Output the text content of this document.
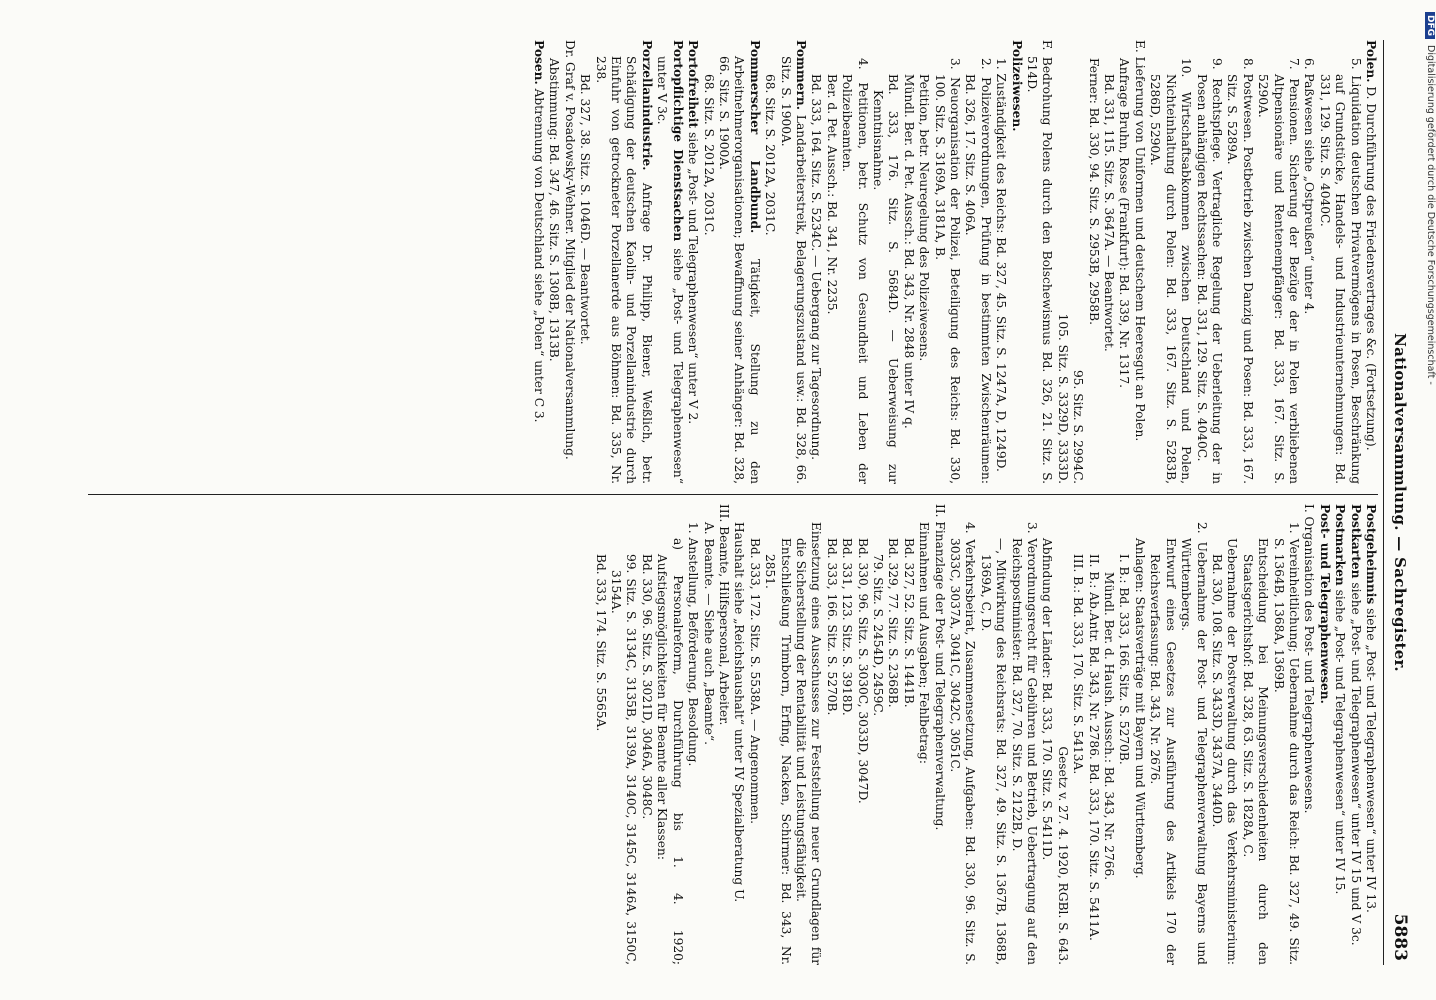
Nationalversammlung. — Sachregister.
5883

Polen. D. Durchführung des Friedensvertrages &c. (Fortsetzung).

5. Liquidation deutschen Privatvermögens in Posen, Beschränkung auf Grundstücke, Handels- und Industrieunternehmungen: Bd. 331, 129. Sitz. S. 4040C.

6. Paßwesen siehe „Ostpreußen“ unter 4.

7. Pensionen. Sicherung der Bezüge der in Polen verbliebenen Altpensionäre und Rentenempfänger: Bd. 333, 167. Sitz. S. 5290A.

8. Postwesen. Postbetrieb zwischen Danzig und Posen: Bd. 333, 167. Sitz. S. 5289A.

9. Rechtspflege. Vertragliche Regelung der Ueberleitung der in Posen anhängigen Rechtssachen: Bd. 331, 129. Sitz. S. 4040C.

10. Wirtschaftsabkommen zwischen Deutschland und Polen, Nichteinhaltung durch Polen: Bd. 333, 167. Sitz. S. 5283B, 5286D, 5290A.

E. Lieferung von Uniformen und deutschem Heeresgut an Polen.

Anfrage Bruhn, Rosse (Frankfurt): Bd. 339, Nr. 1317.

Bd. 331, 115. Sitz. S. 3647A. — Beantwortet.

Ferner: Bd. 330, 94. Sitz. S. 2953B, 2958B.

95. Sitz. S. 2994C.

105. Sitz. S. 3329D, 3333D.

F. Bedrohung Polens durch den Bolschewismus Bd. 326, 21. Sitz. S. 514D.

Polizeiwesen.

1. Zuständigkeit des Reichs: Bd. 327, 45. Sitz. S. 1247A, D, 1249D.

2. Polizeiverordnungen, Prüfung in bestimmten Zwischenräumen: Bd. 326, 17. Sitz. S. 406A.

3. Neuorganisation der Polizei, Beteiligung des Reichs: Bd. 330, 100. Sitz. S. 3169A, 3181A, B.

Petition, betr. Neuregelung des Polizeiwesens.

Mündl. Ber. d. Pet. Aussch.: Bd. 343, Nr. 2848 unter IV q.

Bd. 333, 176. Sitz. S. 5684D. — Ueberweisung zur Kenntnisnahme.

4. Petitionen, betr. Schutz von Gesundheit und Leben der Polizeibeamten.

Ber. d. Pet. Aussch.: Bd. 341, Nr. 2235.

Bd. 333, 164. Sitz. S. 5234C. — Uebergang zur Tagesordnung.

Pommern. Landarbeiterstreik, Belagerungszustand usw.: Bd. 328, 66. Sitz. S. 1900A.

68. Sitz. S. 2012A, 2031C.

Pommerscher Landbund. Tätigkeit, Stellung zu den Arbeitnehmerorganisationen; Bewaffnung seiner Anhänger: Bd. 328, 66. Sitz. S. 1900A.

68. Sitz. S. 2012A, 2031C.

Portofreiheit siehe „Post- und Telegraphenwesen“ unter V 2.

Portopflichtige Dienstsachen siehe „Post- und Telegraphenwesen“ unter V 3c.

Porzellanindustrie. Anfrage Dr. Philipp, Biener, Weßlich, betr. Schädigung der deutschen Kaolin- und Porzellanindustrie durch Einfuhr von getrockneter Porzellanerde aus Böhmen: Bd. 335, Nr. 238.

Bd. 327, 38. Sitz. S. 1046D. — Beantwortet.

Dr. Graf v. Posadowsky-Wehner. Mitglied der Nationalversammlung.

Abstimmung: Bd. 347, 46. Sitz. S. 1308B, 1313B.

Posen. Abtrennung von Deutschland siehe „Polen“ unter C 3.

Postgeheimnis siehe „Post- und Telegraphenwesen“ unter IV 13.

Postkarten siehe „Post- und Telegraphenwesen“ unter IV 15 und V 3c.

Postmarken siehe „Post- und Telegraphenwesen“ unter IV 15.

Post- und Telegraphenwesen.

I. Organisation des Post- und Telegraphenwesens.

1. Vereinheitlichung; Uebernahme durch das Reich: Bd. 327, 49. Sitz. S. 1364B, 1368A, 1369B.

Entscheidung bei Meinungsverschiedenheiten durch den Staatsgerichtshof: Bd. 328, 63. Sitz. S. 1828A, C.

Uebernahme der Postverwaltung durch das Verkehrsministerium: Bd. 330, 108. Sitz. S. 3433D, 3437A, 3440D.

2. Uebernahme der Post- und Telegraphenverwaltung Bayerns und Württembergs.

Entwurf eines Gesetzes zur Ausführung des Artikels 170 der Reichsverfassung: Bd. 343, Nr. 2676.

Anlagen: Staatsverträge mit Bayern und Württemberg.

I. B.: Bd. 333, 166. Sitz. S. 5270B.

Mündl. Ber. d. Haush. Aussch.: Bd. 343, Nr. 2766.

II. B.: Ab.Antr. Bd. 343, Nr. 2786. Bd. 333, 170. Sitz. S. 5411A.

III. B.: Bd. 333, 170. Sitz. S. 5413A.

Gesetz v. 27. 4. 1920, RGBl. S. 643.

Abfindung der Länder: Bd. 333, 170. Sitz. S. 5411D.

3. Verordnungsrecht für Gebühren und Betrieb, Uebertragung auf den Reichspostminister: Bd. 327, 70. Sitz. S. 2122B, D.

—, Mitwirkung des Reichsrats: Bd. 327, 49. Sitz. S. 1367B, 1368B, 1369A, C, D.

4. Verkehrsbeirat, Zusammensetzung, Aufgaben: Bd. 330, 96. Sitz. S. 3033C, 3037A, 3041C, 3042C, 3051C.

II. Finanzlage der Post- und Telegraphenverwaltung.

Einnahmen und Ausgaben; Fehlbetrag:

Bd. 327, 52. Sitz. S. 1441B.

Bd. 329, 77. Sitz. S. 2368B.

79. Sitz. S. 2454D, 2459C.

Bd. 330, 96. Sitz. S. 3030C, 3033D, 3047D.

Bd. 331, 123. Sitz. S. 3918D.

Bd. 333, 166. Sitz. S. 5270B.

Einsetzung eines Ausschusses zur Feststellung neuer Grundlagen für die Sicherstellung der Rentabilität und Leistungsfähigkeit.

Entschließung Trimborn, Erfing, Nacken, Schirmer: Bd. 343, Nr. 2851.

Bd. 333, 172. Sitz. S. 5538A. — Angenommen.

Haushalt siehe „Reichshaushalt“ unter IV Spezialberatung U.

III. Beamte, Hilfspersonal, Arbeiter.

A. Beamte. — Siehe auch „Beamte“.

1. Anstellung, Beförderung, Besoldung.

a) Personalreform, Durchführung bis 1. 4. 1920; Aufstiegsmöglichkeiten für Beamte aller Klassen:

Bd. 330, 96. Sitz. S. 3021D, 3046A, 3048C.

99. Sitz. S. 3134C, 3135B, 3139A, 3140C, 3145C, 3146A, 3150C, 3154A.

Bd. 333, 174. Sitz. S. 5565A.

DFGDigitalisierung gefördert durch die Deutsche Forschungsgemeinschaft -
